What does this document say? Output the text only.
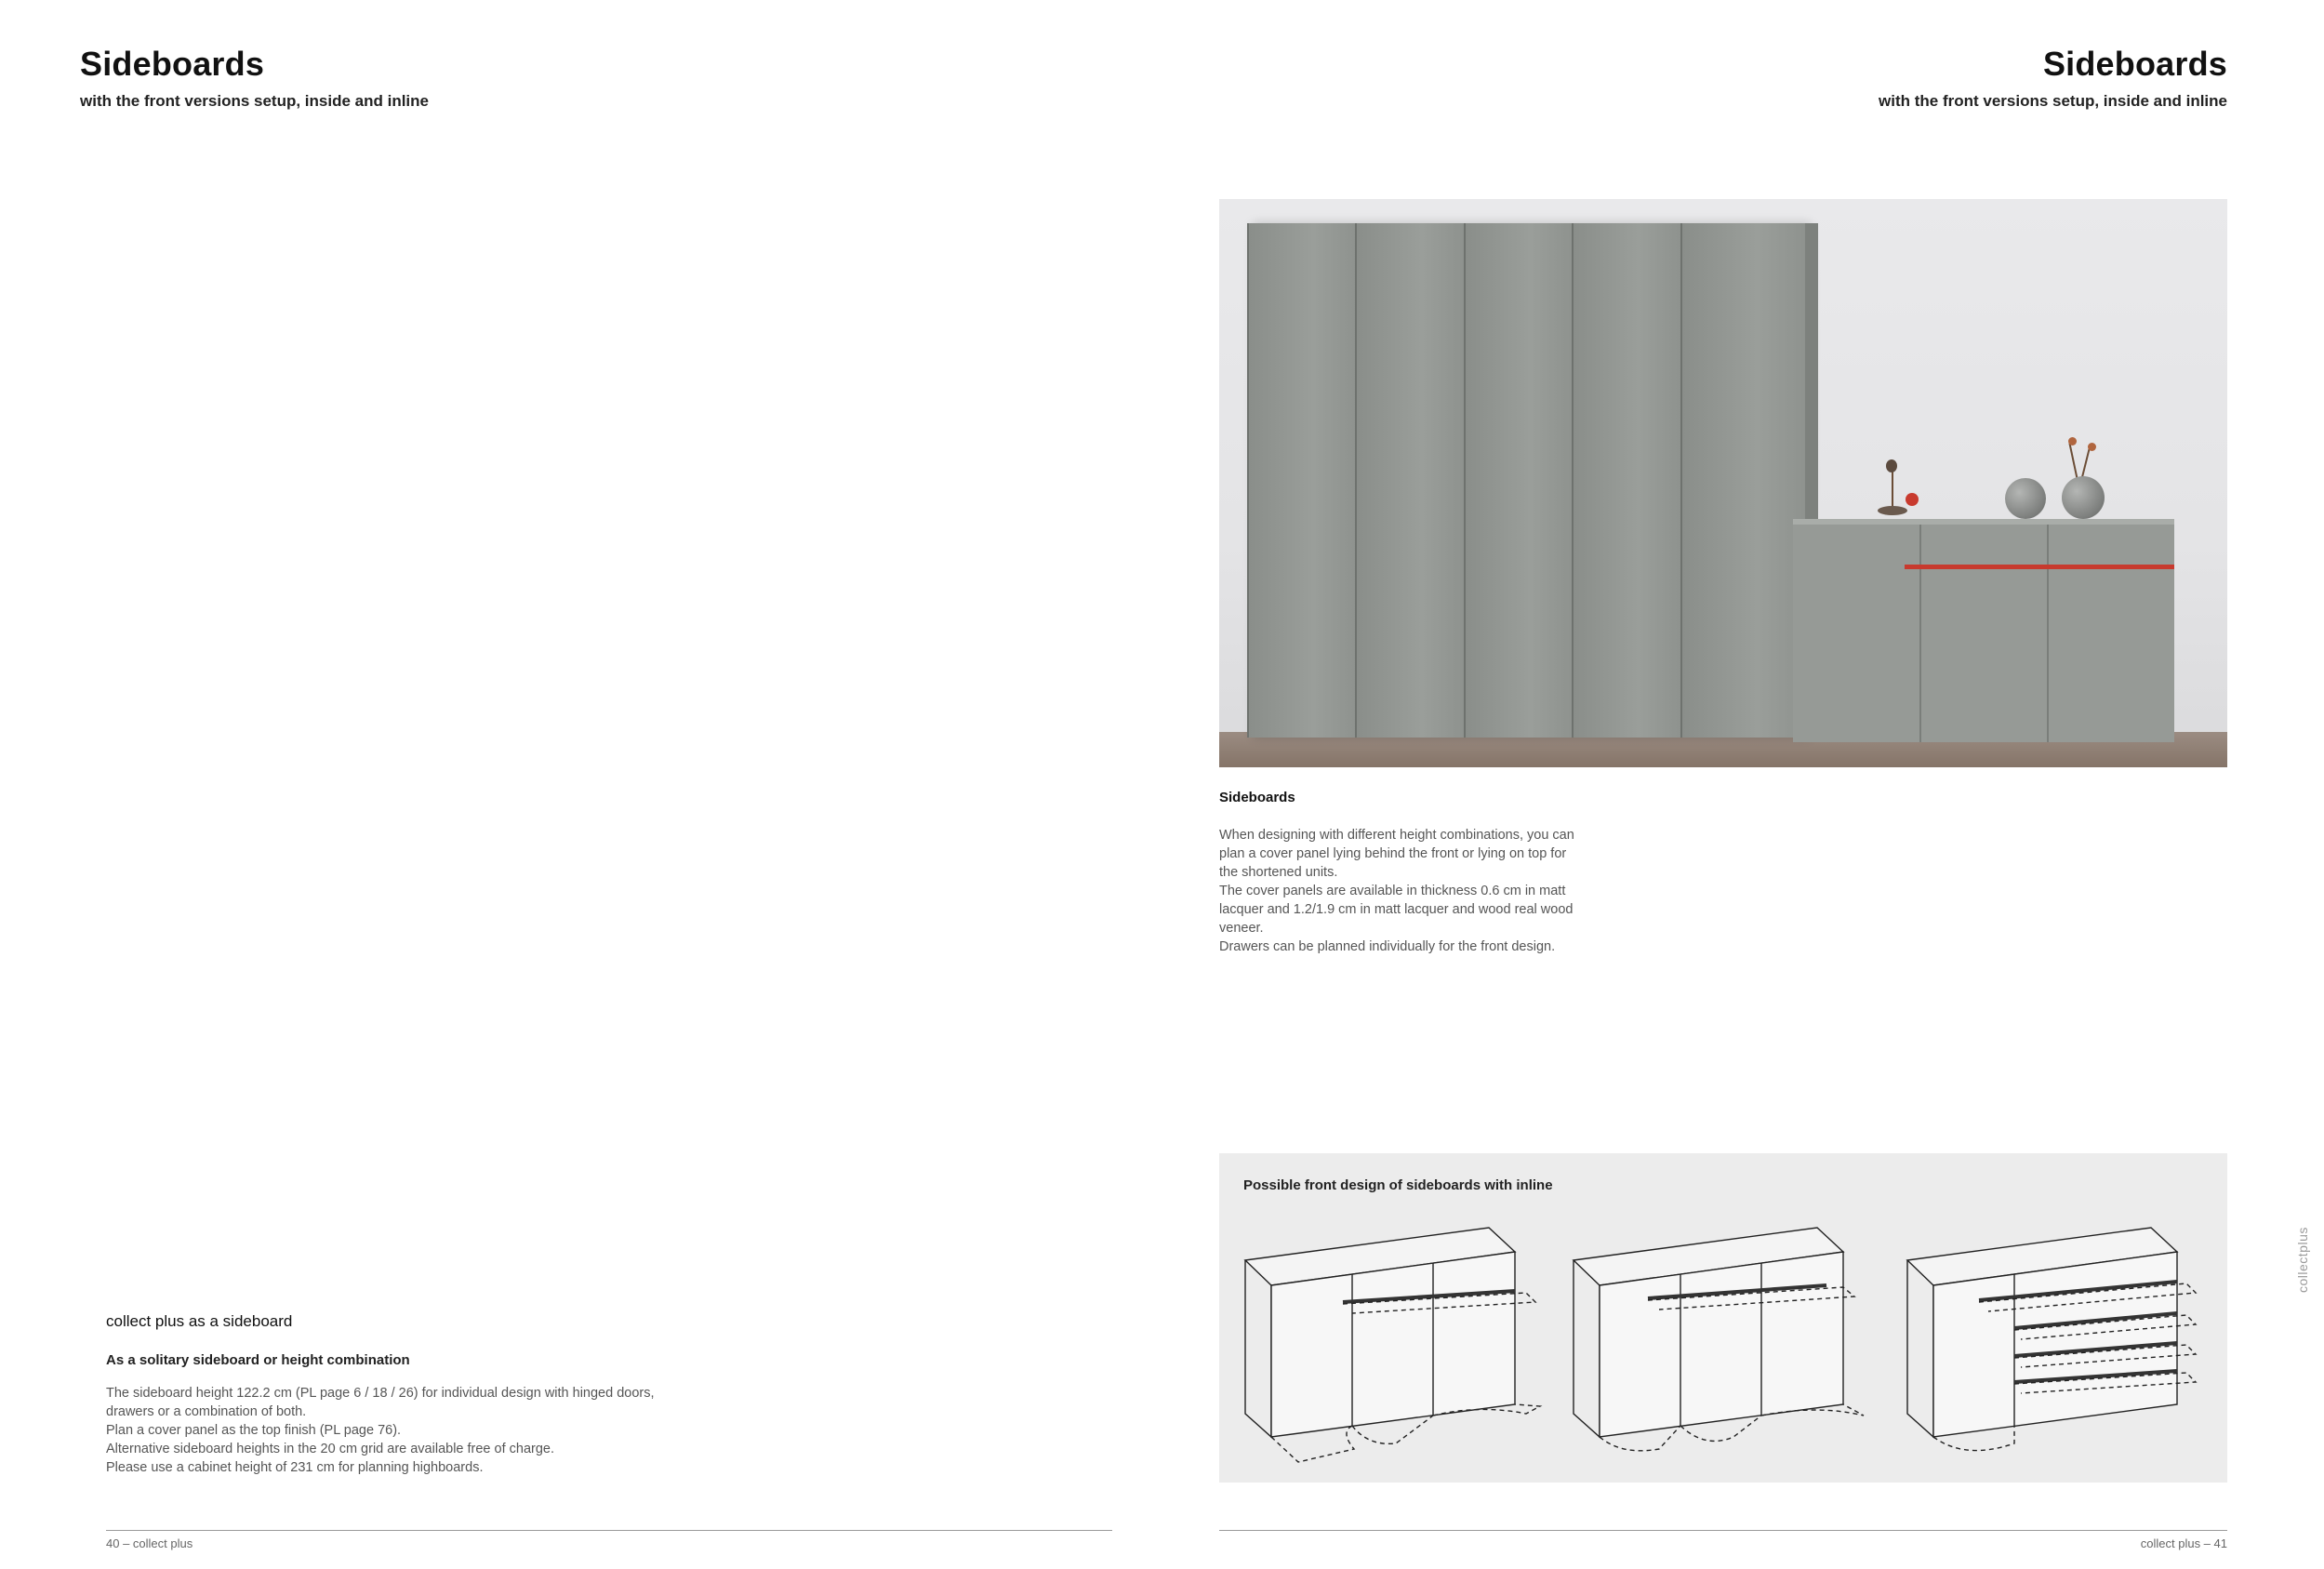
Sideboards
with the front versions setup, inside and inline
collect plus as a sideboard
As a solitary sideboard or height combination
The sideboard height 122.2 cm (PL page 6 / 18 / 26) for individual design with hinged doors,
drawers or a combination of both.
Plan a cover panel as the top finish (PL page 76).
Alternative sideboard heights in the 20 cm grid are available free of charge.
Please use a cabinet height of 231 cm for planning highboards.
40 – collect plus
Sideboards
with the front versions setup, inside and inline
Sideboards
When designing with different height combinations, you can
plan a cover panel lying behind the front or lying on top for
the shortened units.
The cover panels are available in thickness 0.6 cm in matt
lacquer and 1.2/1.9 cm in matt lacquer and wood real wood
veneer.
Drawers can be planned individually for the front design.
Possible front design of sideboards with inline
collectplus
collect plus – 41
